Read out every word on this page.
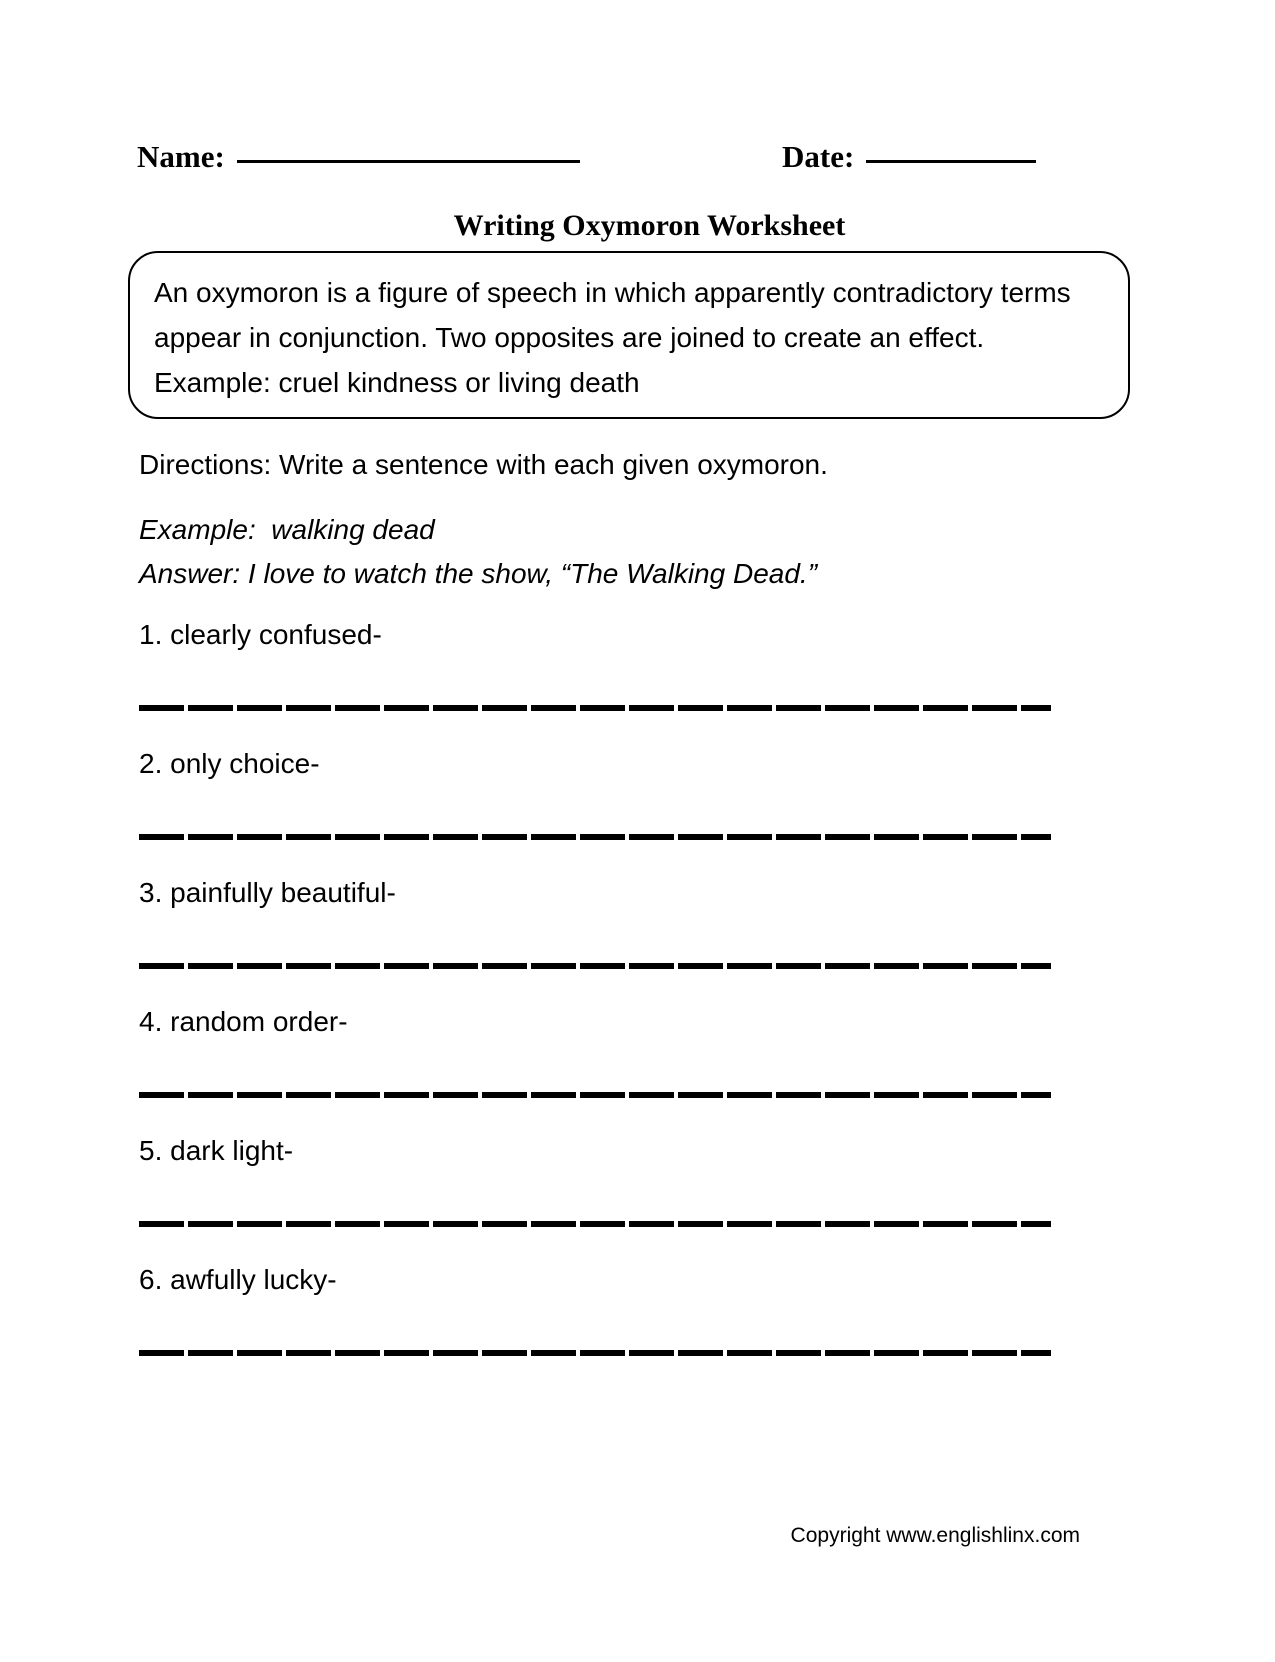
Name:	Date:
Writing Oxymoron Worksheet
An oxymoron is a figure of speech in which apparently contradictory terms appear in conjunction. Two opposites are joined to create an effect. Example: cruel kindness or living death
Directions: Write a sentence with each given oxymoron.
Example:  walking dead
Answer: I love to watch the show, “The Walking Dead.”
1. clearly confused-
2. only choice-
3. painfully beautiful-
4. random order-
5. dark light-
6. awfully lucky-
Copyright www.englishlinx.com
